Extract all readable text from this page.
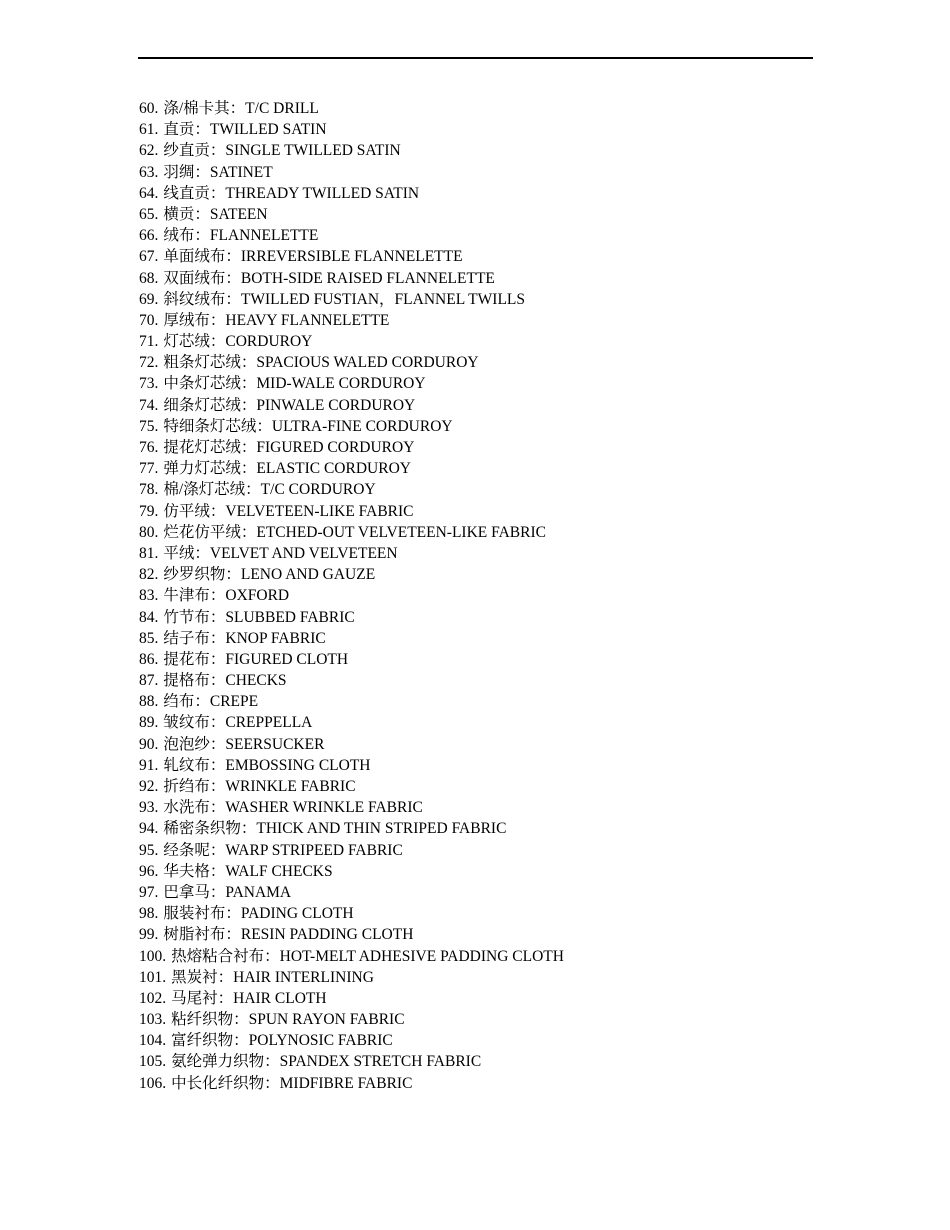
60. 涤/棉卡其：T/C DRILL
61. 直贡：TWILLED SATIN
62. 纱直贡：SINGLE TWILLED SATIN
63. 羽绸：SATINET
64. 线直贡：THREADY TWILLED SATIN
65. 横贡：SATEEN
66. 绒布：FLANNELETTE
67. 单面绒布：IRREVERSIBLE FLANNELETTE
68. 双面绒布：BOTH-SIDE RAISED FLANNELETTE
69. 斜纹绒布：TWILLED FUSTIAN，FLANNEL TWILLS
70. 厚绒布：HEAVY FLANNELETTE
71. 灯芯绒：CORDUROY
72. 粗条灯芯绒：SPACIOUS WALED CORDUROY
73. 中条灯芯绒：MID-WALE CORDUROY
74. 细条灯芯绒：PINWALE CORDUROY
75. 特细条灯芯绒：ULTRA-FINE CORDUROY
76. 提花灯芯绒：FIGURED CORDUROY
77. 弹力灯芯绒：ELASTIC CORDUROY
78. 棉/涤灯芯绒：T/C CORDUROY
79. 仿平绒：VELVETEEN-LIKE FABRIC
80. 烂花仿平绒：ETCHED-OUT VELVETEEN-LIKE FABRIC
81. 平绒：VELVET AND VELVETEEN
82. 纱罗织物：LENO AND GAUZE
83. 牛津布：OXFORD
84. 竹节布：SLUBBED FABRIC
85. 结子布：KNOP FABRIC
86. 提花布：FIGURED CLOTH
87. 提格布：CHECKS
88. 绉布：CREPE
89. 皱纹布：CREPPELLA
90. 泡泡纱：SEERSUCKER
91. 轧纹布：EMBOSSING CLOTH
92. 折绉布：WRINKLE FABRIC
93. 水洗布：WASHER WRINKLE FABRIC
94. 稀密条织物：THICK AND THIN STRIPED FABRIC
95. 经条呢：WARP STRIPEED FABRIC
96. 华夫格：WALF CHECKS
97. 巴拿马：PANAMA
98. 服装衬布：PADING CLOTH
99. 树脂衬布：RESIN PADDING CLOTH
100. 热熔粘合衬布：HOT-MELT ADHESIVE PADDING CLOTH
101. 黑炭衬：HAIR INTERLINING
102. 马尾衬：HAIR CLOTH
103. 粘纤织物：SPUN RAYON FABRIC
104. 富纤织物：POLYNOSIC FABRIC
105. 氨纶弹力织物：SPANDEX STRETCH FABRIC
106. 中长化纤织物：MIDFIBRE FABRIC
